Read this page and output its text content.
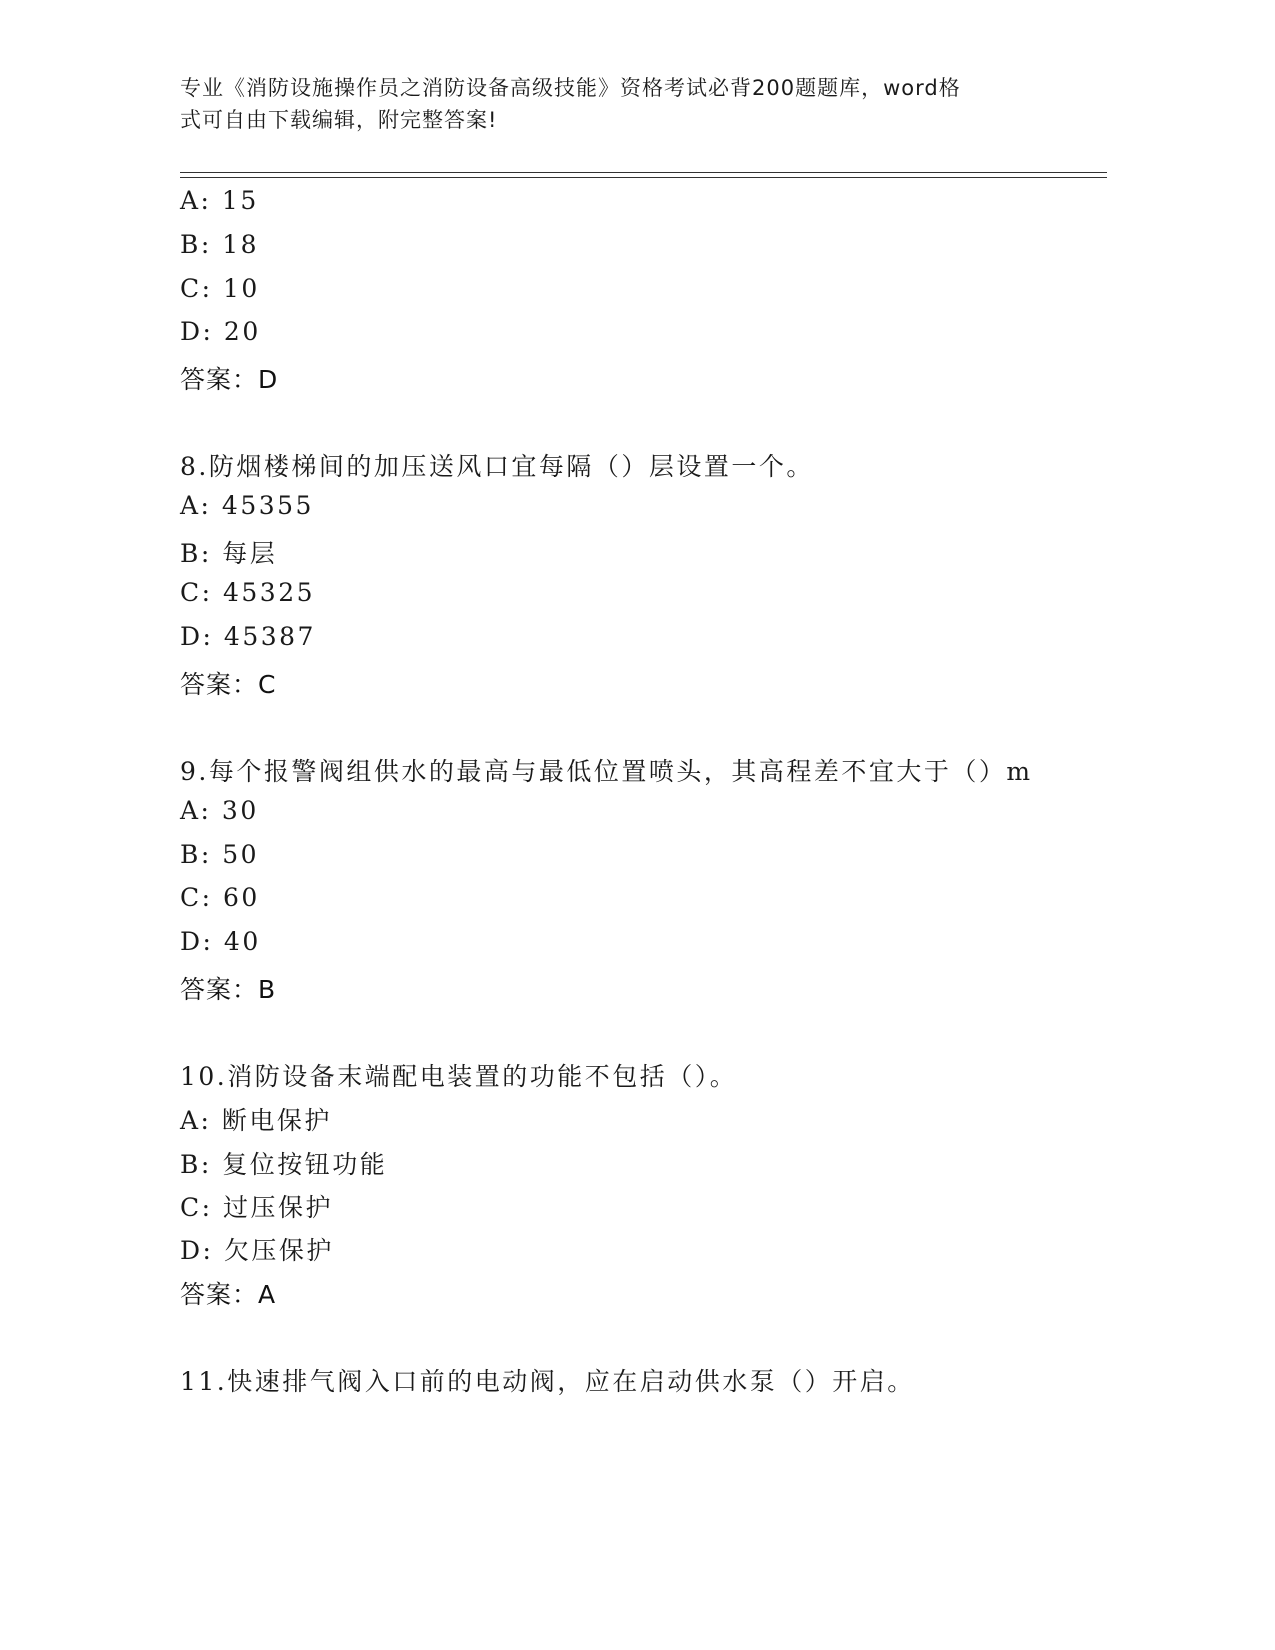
专业《消防设施操作员之消防设备高级技能》资格考试必背200题题库，word格
式可自由下载编辑，附完整答案!
A: 15
B: 18
C: 10
D: 20
答案：D
8.防烟楼梯间的加压送风口宜每隔（）层设置一个。
A: 45355
B: 每层
C: 45325
D: 45387
答案：C
9.每个报警阀组供水的最高与最低位置喷头，其高程差不宜大于（）m
A: 30
B: 50
C: 60
D: 40
答案：B
10.消防设备末端配电装置的功能不包括（）。
A: 断电保护
B: 复位按钮功能
C: 过压保护
D: 欠压保护
答案：A
11.快速排气阀入口前的电动阀，应在启动供水泵（）开启。
